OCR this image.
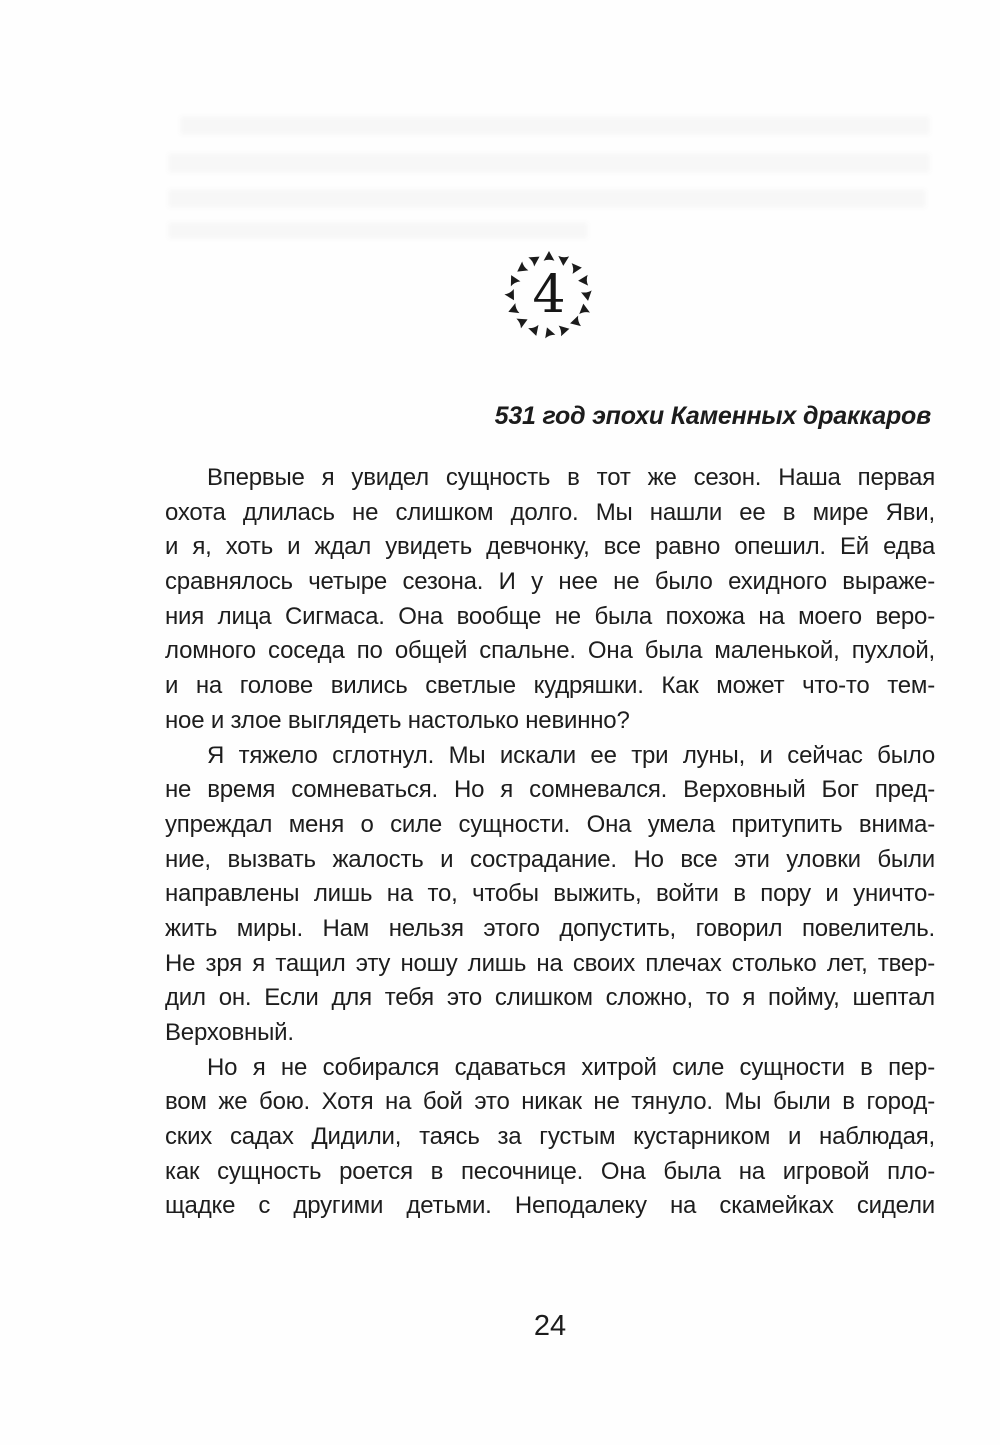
4
531 год эпохи Каменных драккаров
Впервые я увидел сущность в тот же сезон. Наша первая
охота длилась не слишком долго. Мы нашли ее в мире Яви,
и я, хоть и ждал увидеть девчонку, все равно опешил. Ей едва
сравнялось четыре сезона. И у нее не было ехидного выраже-
ния лица Сигмаса. Она вообще не была похожа на моего веро-
ломного соседа по общей спальне. Она была маленькой, пухлой,
и на голове вились светлые кудряшки. Как может что-то тем-
ное и злое выглядеть настолько невинно?
Я тяжело сглотнул. Мы искали ее три луны, и сейчас было
не время сомневаться. Но я сомневался. Верховный Бог пред-
упреждал меня о силе сущности. Она умела притупить внима-
ние, вызвать жалость и сострадание. Но все эти уловки были
направлены лишь на то, чтобы выжить, войти в пору и уничто-
жить миры. Нам нельзя этого допустить, говорил повелитель.
Не зря я тащил эту ношу лишь на своих плечах столько лет, твер-
дил он. Если для тебя это слишком сложно, то я пойму, шептал
Верховный.
Но я не собирался сдаваться хитрой силе сущности в пер-
вом же бою. Хотя на бой это никак не тянуло. Мы были в город-
ских садах Дидили, таясь за густым кустарником и наблюдая,
как сущность роется в песочнице. Она была на игровой пло-
щадке с другими детьми. Неподалеку на скамейках сидели
24
